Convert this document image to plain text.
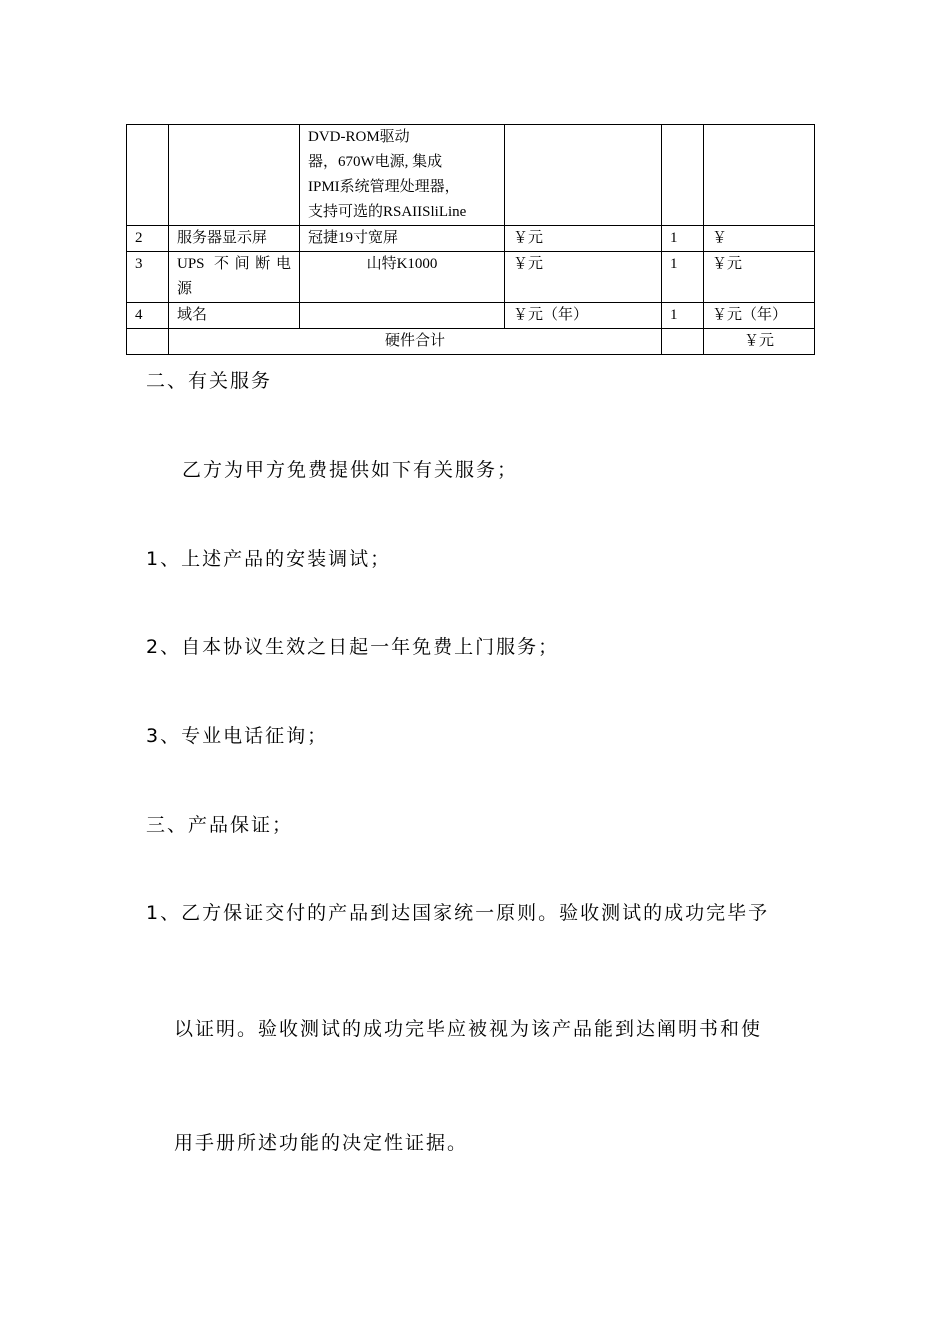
		DVD-ROM驱动
器，670W电源, 集成
IPMI系统管理处理器，
支持可选的RSAIISliLine			

2	服务器显示屏	冠捷19寸宽屏	￥元	1	￥
3	UPS 不间断电
源	山特K1000	￥元	1	￥元
4	域名		￥元（年）	1	￥元（年）
	硬件合计				￥元
二、有关服务
乙方为甲方免费提供如下有关服务；
1、上述产品的安装调试；
2、自本协议生效之日起一年免费上门服务；
3、专业电话征询；
三、产品保证；
1、乙方保证交付的产品到达国家统一原则。验收测试的成功完毕予
以证明。验收测试的成功完毕应被视为该产品能到达阐明书和使
用手册所述功能的决定性证据。
